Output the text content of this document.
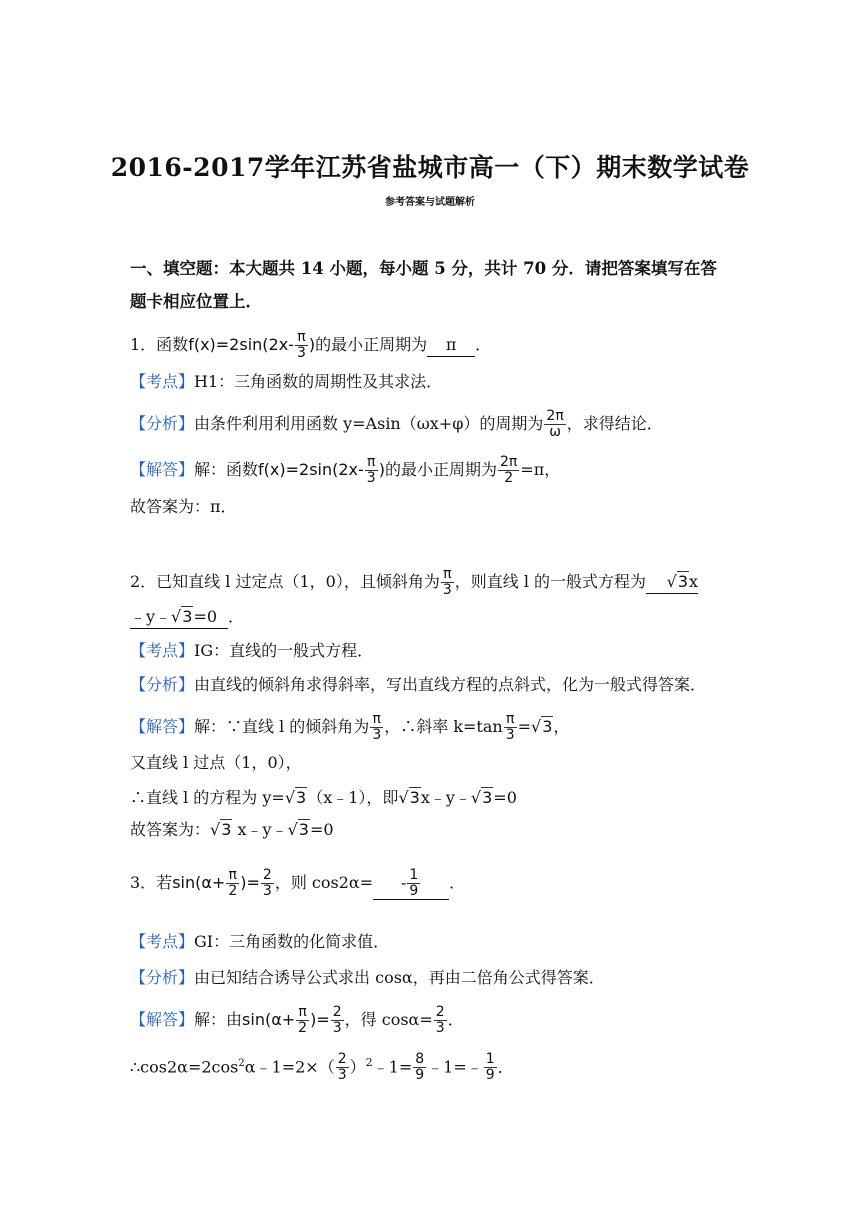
2016-2017学年江苏省盐城市高一（下）期末数学试卷
参考答案与试题解析
一、填空题：本大题共 14 小题，每小题 5 分，共计 70 分．请把答案填写在答
题卡相应位置上．
1．函数$f(x)=2\sin(2x- \frac{\pi}{3}$ )的最小正周期为 π ．
【考点】H1：三角函数的周期性及其求法．
【分析】由条件利用利用函数 y=Asin（ωx+φ）的周期为 $\frac{2\pi}{\omega}$ ，求得结论．
【解答】解：函数$f(x)=2\sin(2x- \frac{\pi}{3}$ )的最小正周期为 $\frac{2\pi}{2} =\pi$，
故答案为：π．
2．已知直线 l 过定点（1，0），且倾斜角为 $\frac{\pi}{3}$ ，则直线 l 的一般式方程为 √3x
﹣y﹣√3=0 ．
【考点】IG：直线的一般式方程．
【分析】由直线的倾斜角求得斜率，写出直线方程的点斜式，化为一般式得答案．
【解答】解：∵直线 l 的倾斜角为 $\frac{\pi}{3}$ ，∴斜率 $k=\tan \frac{\pi}{3} =√3$，
又直线 l 过点（1，0），
∴直线 l 的方程为 y=√3（x﹣1），即√3x﹣y﹣√3=0
故答案为：√3 x﹣y﹣√3=0
3．若$\sin(\alpha+ \frac{\pi}{2}$ )= $\frac{2}{3}$ ，则 $\cos 2\alpha= - \frac{1}{9}$ ．
【考点】GI：三角函数的化简求值．
【分析】由已知结合诱导公式求出 cosα，再由二倍角公式得答案．
【解答】解：由$\sin(\alpha+ \frac{\pi}{2}$ )= $\frac{2}{3}$ ，得 $\cos\alpha= \frac{2}{3}$ ．
$\therefore\cos 2\alpha=2\cos^2\alpha﹣1=2\times( \frac{2}{3}$ ）$^2$﹣1= $\frac{8}{9}$ ﹣1=﹣ $\frac{1}{9}$ ．
